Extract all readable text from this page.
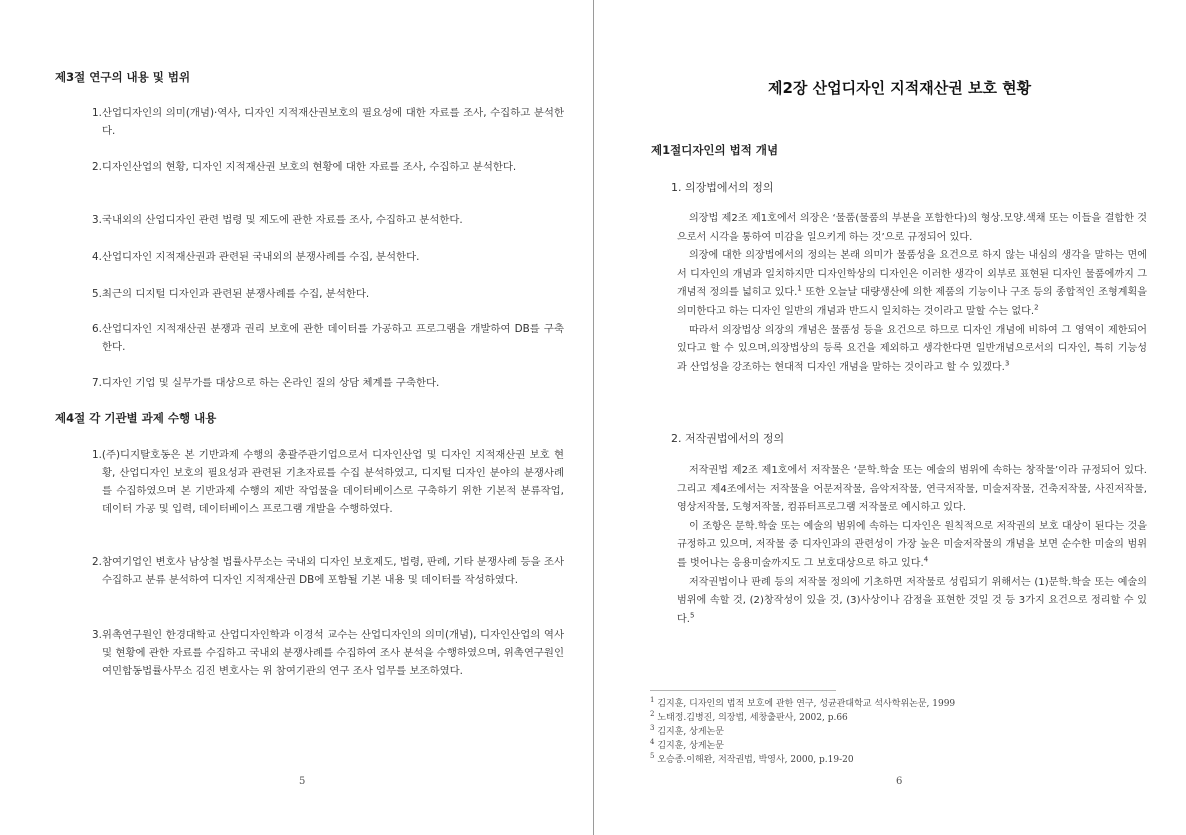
제3절 연구의 내용 및 범위
1.산업디자인의 의미(개념)·역사, 디자인 지적재산권보호의 필요성에 대한 자료를 조사, 수집하고 분석한다.
2.디자인산업의 현황, 디자인 지적재산권 보호의 현황에 대한 자료를 조사, 수집하고 분석한다.
3.국내외의 산업디자인 관련 법령 및 제도에 관한 자료를 조사, 수집하고 분석한다.
4.산업디자인 지적재산권과 관련된 국내외의 분쟁사례를 수집, 분석한다.
5.최근의 디지털 디자인과 관련된 분쟁사례를 수집, 분석한다.
6.산업디자인 지적재산권 분쟁과 권리 보호에 관한 데이터를 가공하고 프로그램을 개발하여 DB를 구축한다.
7.디자인 기업 및 실무가를 대상으로 하는 온라인 질의 상담 체계를 구축한다.
제4절 각 기관별 과제 수행 내용
1.(주)디지탈호동은 본 기반과제 수행의 총괄주관기업으로서 디자인산업 및 디자인 지적재산권 보호 현황, 산업디자인 보호의 필요성과 관련된 기초자료를 수집 분석하였고, 디지털 디자인 분야의 분쟁사례를 수집하였으며 본 기반과제 수행의 제반 작업물을 데이터베이스로 구축하기 위한 기본적 분류작업, 데이터 가공 및 입력, 데이터베이스 프로그램 개발을 수행하였다.
2.참여기업인 변호사 남상철 법률사무소는 국내외 디자인 보호제도, 법령, 판례, 기타 분쟁사례 등을 조사 수집하고 분류 분석하여 디자인 지적재산권 DB에 포함될 기본 내용 및 데이터를 작성하였다.
3.위촉연구원인 한경대학교 산업디자인학과 이경석 교수는 산업디자인의 의미(개념), 디자인산업의 역사 및 현황에 관한 자료를 수집하고 국내외 분쟁사례를 수집하여 조사 분석을 수행하였으며, 위촉연구원인 여민합동법률사무소 김진 변호사는 위 참여기관의 연구 조사 업무를 보조하였다.
5
제2장 산업디자인 지적재산권 보호 현황
제1절디자인의 법적 개념
1. 의장법에서의 정의

의장법 제2조 제1호에서 의장은 ‘물품(물품의 부분을 포함한다)의 형상.모양.색채 또는 이들을 결합한 것으로서 시각을 통하여 미감을 일으키게 하는 것’으로 규정되어 있다.

의장에 대한 의장법에서의 정의는 본래 의미가 물품성을 요건으로 하지 않는 내심의 생각을 말하는 면에서 디자인의 개념과 일치하지만 디자인학상의 디자인은 이러한 생각이 외부로 표현된 디자인 물품에까지 그 개념적 정의를 넓히고 있다.$^1$ 또한 오늘날 대량생산에 의한 제품의 기능이나 구조 등의 종합적인 조형계획을 의미한다고 하는 디자인 일반의 개념과 반드시 일치하는 것이라고 말할 수는 없다.$^2$

따라서 의장법상 의장의 개념은 물품성 등을 요건으로 하므로 디자인 개념에 비하여 그 영역이 제한되어 있다고 할 수 있으며,의장법상의 등록 요건을 제외하고 생각한다면 일반개념으로서의 디자인, 특히 기능성과 산업성을 강조하는 현대적 디자인 개념을 말하는 것이라고 할 수 있겠다.$^3$

2. 저작권법에서의 정의

저작권법 제2조 제1호에서 저작물은 ‘문학.학술 또는 예술의 범위에 속하는 창작물’이라 규정되어 있다. 그리고 제4조에서는 저작물을 어문저작물, 음악저작물, 연극저작물, 미술저작물, 건축저작물, 사진저작물, 영상저작물, 도형저작물, 컴퓨터프로그램 저작물로 예시하고 있다.

이 조항은 문학.학술 또는 예술의 범위에 속하는 디자인은 원칙적으로 저작권의 보호 대상이 된다는 것을 규정하고 있으며, 저작물 중 디자인과의 관련성이 가장 높은 미술저작물의 개념을 보면 순수한 미술의 범위를 벗어나는 응용미술까지도 그 보호대상으로 하고 있다.$^4$

저작권법이나 판례 등의 저작물 정의에 기초하면 저작물로 성립되기 위해서는 (1)문학.학술 또는 예술의 범위에 속할 것, (2)창작성이 있을 것, (3)사상이나 감정을 표현한 것일 것 등 3가지 요건으로 정리할 수 있다.$^5$

$^1$ 김지훈, 디자인의 법적 보호에 관한 연구, 성균관대학교 석사학위논문, 1999
$^2$ 노태정.김병진, 의장법, 세창출판사, 2002, p.66
$^3$ 김지훈, 상게논문
$^4$ 김지훈, 상게논문
$^5$ 오승종.이해완, 저작권법, 박영사, 2000, p.19-20
6
